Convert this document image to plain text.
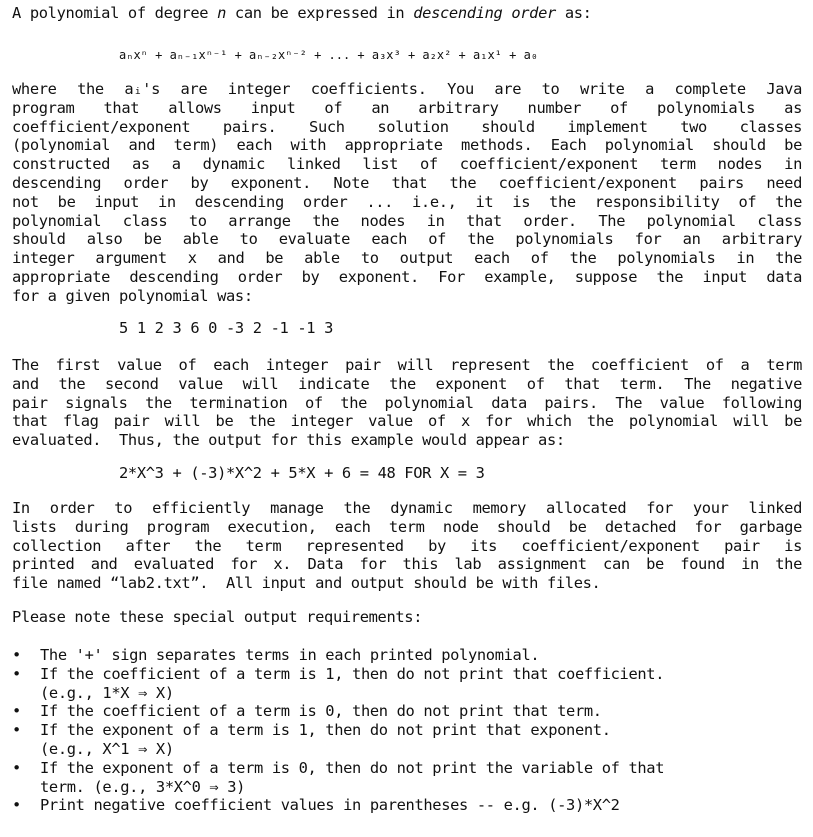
A polynomial of degree n can be expressed in descending order as:
aₙxⁿ + aₙ₋₁xⁿ⁻¹ + aₙ₋₂xⁿ⁻² + ... + a₃x³ + a₂x² + a₁x¹ + a₀
where the aᵢ's are integer coefficients. You are to write a complete Java
program that allows input of an arbitrary number of polynomials as
coefficient/exponent pairs. Such solution should implement two classes
(polynomial and term) each with appropriate methods. Each polynomial should be
constructed as a dynamic linked list of coefficient/exponent term nodes in
descending order by exponent. Note that the coefficient/exponent pairs need
not be input in descending order ... i.e., it is the responsibility of the
polynomial class to arrange the nodes in that order. The polynomial class
should also be able to evaluate each of the polynomials for an arbitrary
integer argument x and be able to output each of the polynomials in the
appropriate descending order by exponent. For example, suppose the input data
for a given polynomial was:
5 1 2 3 6 0 -3 2 -1 -1 3
The first value of each integer pair will represent the coefficient of a term
and the second value will indicate the exponent of that term. The negative
pair signals the termination of the polynomial data pairs. The value following
that flag pair will be the integer value of x for which the polynomial will be
evaluated.  Thus, the output for this example would appear as:
2*X^3 + (-3)*X^2 + 5*X + 6 = 48 FOR X = 3
In order to efficiently manage the dynamic memory allocated for your linked
lists during program execution, each term node should be detached for garbage
collection after the term represented by its coefficient/exponent pair is
printed and evaluated for x. Data for this lab assignment can be found in the
file named “lab2.txt”.  All input and output should be with files.
Please note these special output requirements:
• The '+' sign separates terms in each printed polynomial.
• If the coefficient of a term is 1, then do not print that coefficient.
(e.g., 1*X ⇒ X)
• If the coefficient of a term is 0, then do not print that term.
• If the exponent of a term is 1, then do not print that exponent.
(e.g., X^1 ⇒ X)
• If the exponent of a term is 0, then do not print the variable of that
term. (e.g., 3*X^0 ⇒ 3)
• Print negative coefficient values in parentheses -- e.g. (-3)*X^2
